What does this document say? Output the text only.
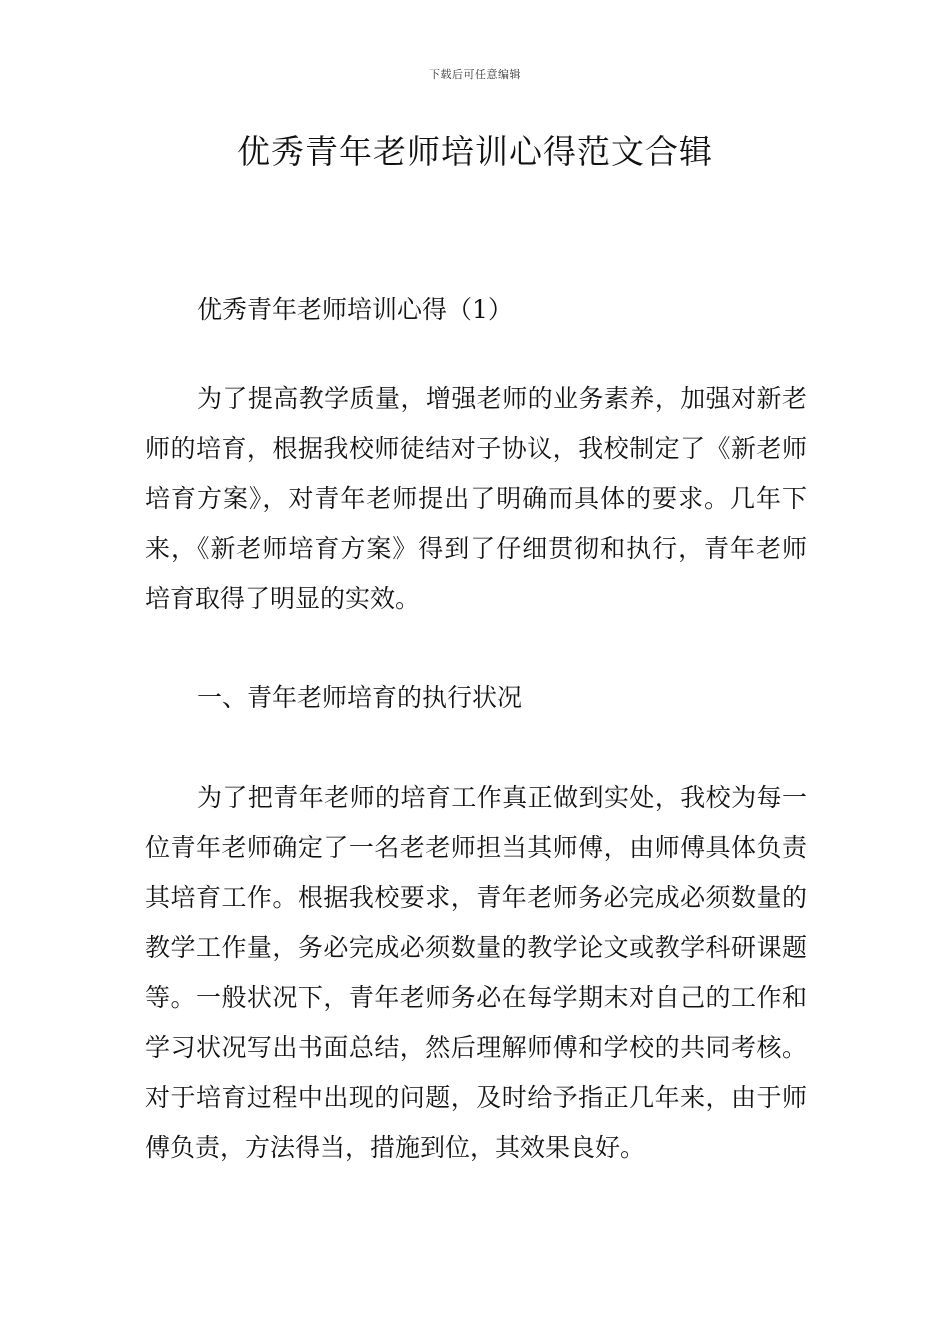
下载后可任意编辑
优秀青年老师培训心得范文合辑

优秀青年老师培训心得（1）

为了提高教学质量，增强老师的业务素养，加强对新老师的培育，根据我校师徒结对子协议，我校制定了《新老师培育方案》，对青年老师提出了明确而具体的要求。几年下来，《新老师培育方案》得到了仔细贯彻和执行，青年老师培育取得了明显的实效。

一、青年老师培育的执行状况

为了把青年老师的培育工作真正做到实处，我校为每一位青年老师确定了一名老老师担当其师傅，由师傅具体负责其培育工作。根据我校要求，青年老师务必完成必须数量的教学工作量，务必完成必须数量的教学论文或教学科研课题等。一般状况下，青年老师务必在每学期末对自己的工作和学习状况写出书面总结，然后理解师傅和学校的共同考核。对于培育过程中出现的问题，及时给予指正几年来，由于师傅负责，方法得当，措施到位，其效果良好。
